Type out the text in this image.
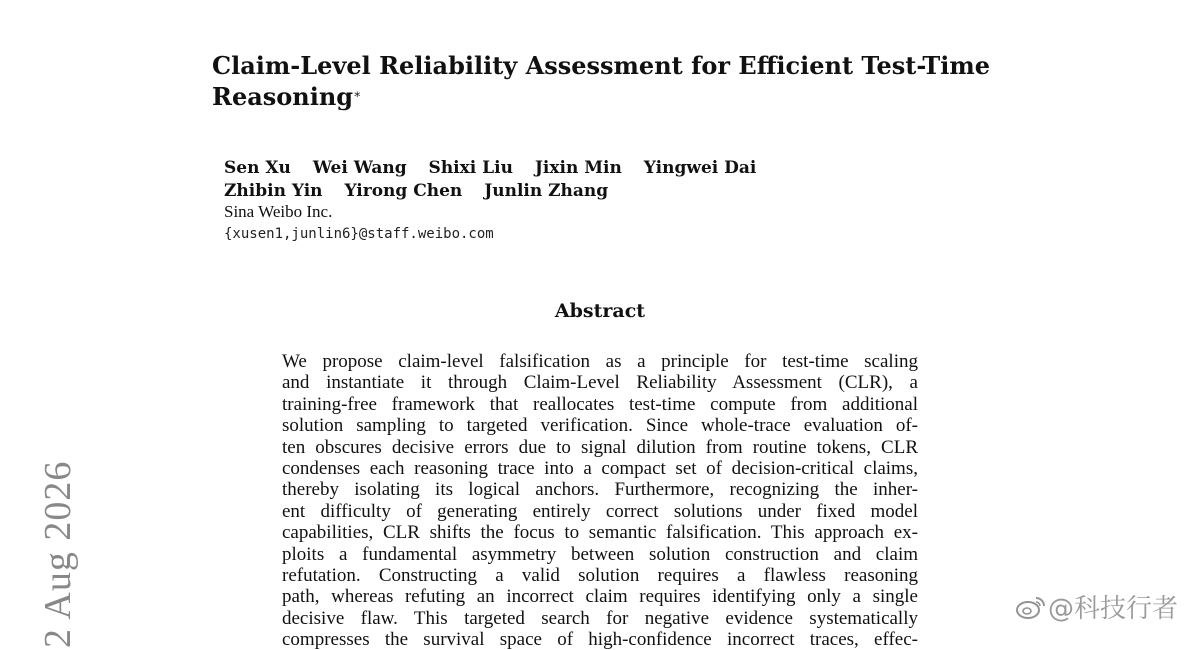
Claim-Level Reliability Assessment for Efficient Test-Time
Reasoning∗
Sen Xu Wei Wang Shixi Liu Jixin Min Yingwei Dai
Zhibin Yin Yirong Chen Junlin Zhang
Sina Weibo Inc.
{xusen1,junlin6}@staff.weibo.com
Abstract
We propose claim-level falsification as a principle for test-time scaling
and instantiate it through Claim-Level Reliability Assessment (CLR), a
training-free framework that reallocates test-time compute from additional
solution sampling to targeted verification. Since whole-trace evaluation of-
ten obscures decisive errors due to signal dilution from routine tokens, CLR
condenses each reasoning trace into a compact set of decision-critical claims,
thereby isolating its logical anchors. Furthermore, recognizing the inher-
ent difficulty of generating entirely correct solutions under fixed model
capabilities, CLR shifts the focus to semantic falsification. This approach ex-
ploits a fundamental asymmetry between solution construction and claim
refutation. Constructing a valid solution requires a flawless reasoning
path, whereas refuting an incorrect claim requires identifying only a single
decisive flaw. This targeted search for negative evidence systematically
compresses the survival space of high-confidence incorrect traces, effec-
2 Aug 2026	@科技行者
